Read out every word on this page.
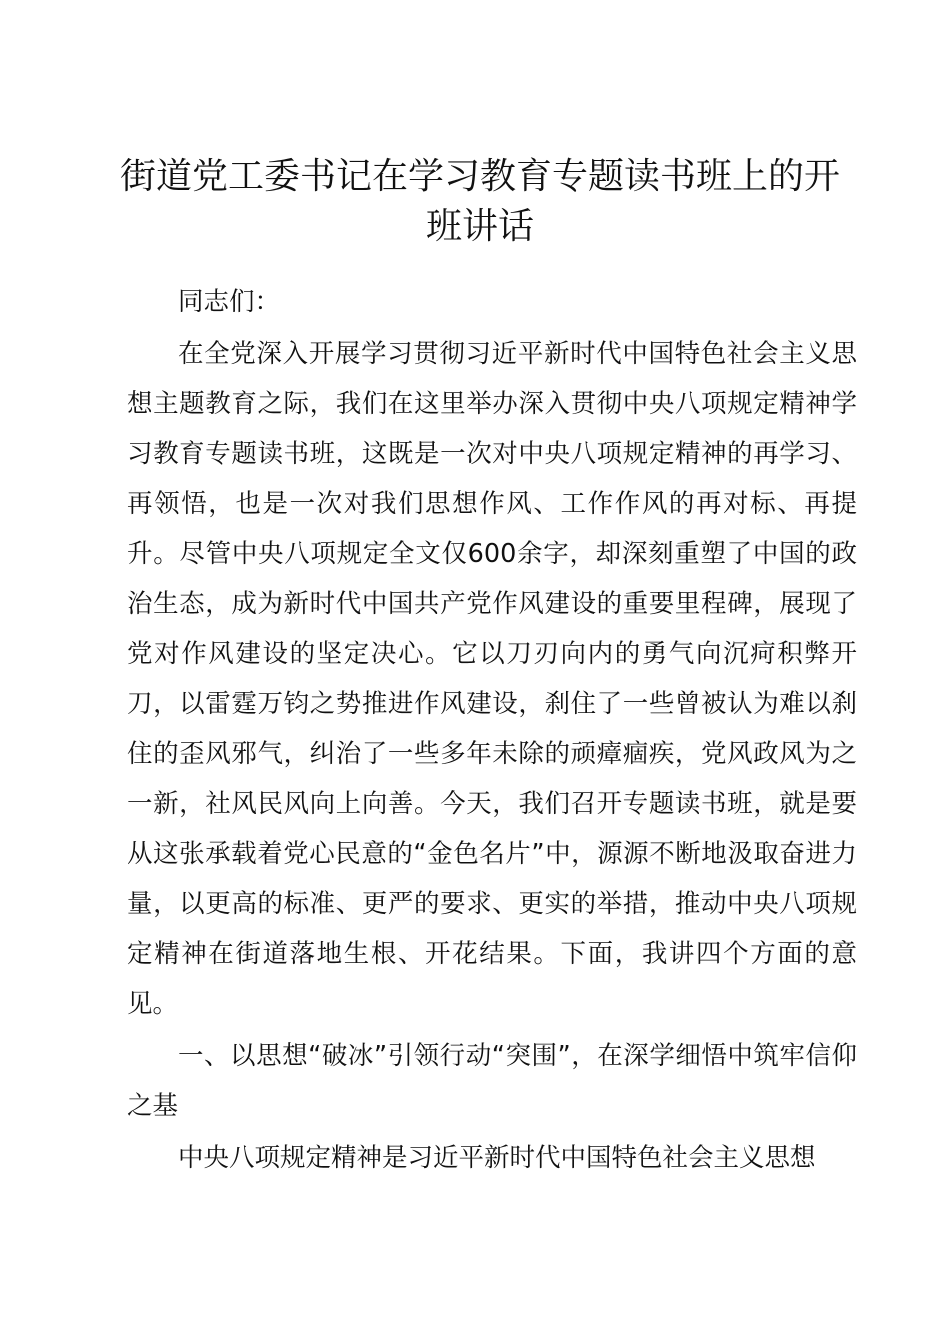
街道党工委书记在学习教育专题读书班上的开班讲话

同志们：

在全党深入开展学习贯彻习近平新时代中国特色社会主义思想主题教育之际，我们在这里举办深入贯彻中央八项规定精神学习教育专题读书班，这既是一次对中央八项规定精神的再学习、再领悟，也是一次对我们思想作风、工作作风的再对标、再提升。尽管中央八项规定全文仅600余字，却深刻重塑了中国的政治生态，成为新时代中国共产党作风建设的重要里程碑，展现了党对作风建设的坚定决心。它以刀刃向内的勇气向沉疴积弊开刀，以雷霆万钧之势推进作风建设，刹住了一些曾被认为难以刹住的歪风邪气，纠治了一些多年未除的顽瘴痼疾，党风政风为之一新，社风民风向上向善。今天，我们召开专题读书班，就是要从这张承载着党心民意的“金色名片”中，源源不断地汲取奋进力量，以更高的标准、更严的要求、更实的举措，推动中央八项规定精神在街道落地生根、开花结果。下面，我讲四个方面的意见。

一、以思想“破冰”引领行动“突围”，在深学细悟中筑牢信仰之基

中央八项规定精神是习近平新时代中国特色社会主义思想
